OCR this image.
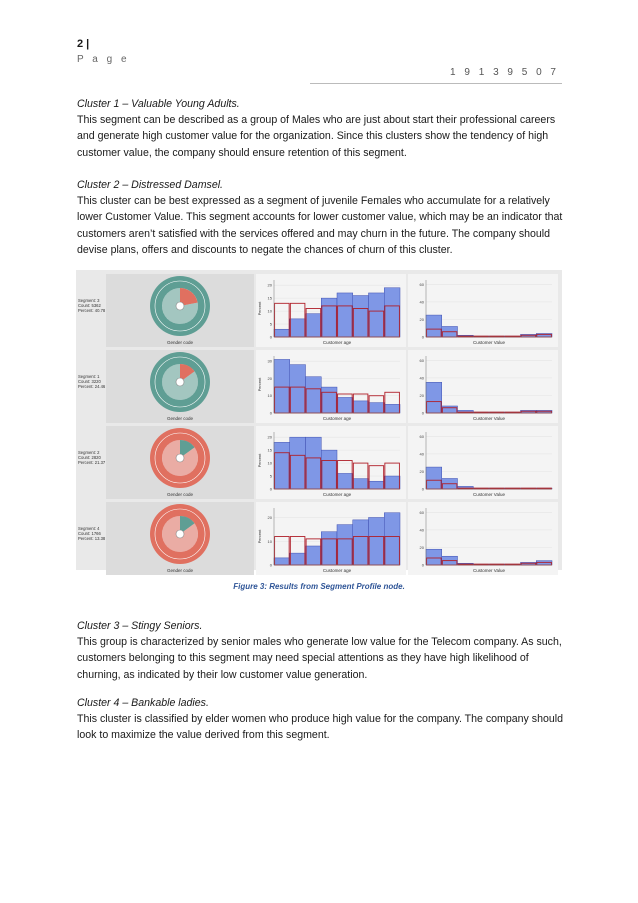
2 |
P a g e
1 9 1 3 9 5 0 7

Cluster 1 – Valuable Young Adults.

This segment can be described as a group of Males who are just about start their professional careers and generate high customer value for the organization. Since this clusters show the tendency of high customer value, the company should ensure retention of this segment.

Cluster 2 – Distressed Damsel.

This cluster can be best expressed as a segment of juvenile Females who accumulate for a relatively lower Customer Value. This segment accounts for lower customer value, which may be an indicator that customers aren’t satisfied with the services offered and may churn in the future. The company should devise plans, offers and discounts to negate the chances of churn of this cluster.

Segment: 3
Count: 5362
Percent: 40.78
Gender code
0
5
10
15
20
Customer age
Percent
0
20
40
60
Customer Value
Segment: 1
Count: 3220
Percent: 24.46
Gender code
0
10
20
30
Customer age
Percent
0
20
40
60
Customer Value
Segment: 2
Count: 2820
Percent: 21.37
Gender code
0
5
10
15
20
Customer age
Percent
0
20
40
60
Customer Value
Segment: 4
Count: 1766
Percent: 13.38
Gender code
0
10
20
Customer age
Percent
0
20
40
60
Customer Value
Figure 3: Results from Segment Profile node.

Cluster 3 – Stingy Seniors.

This group is characterized by senior males who generate low value for the Telecom company. As such, customers belonging to this segment may need special attentions as they have high likelihood of churning, as indicated by their low customer value generation.

Cluster 4 – Bankable ladies.

This cluster is classified by elder women who produce high value for the company. The company should look to maximize the value derived from this segment.
